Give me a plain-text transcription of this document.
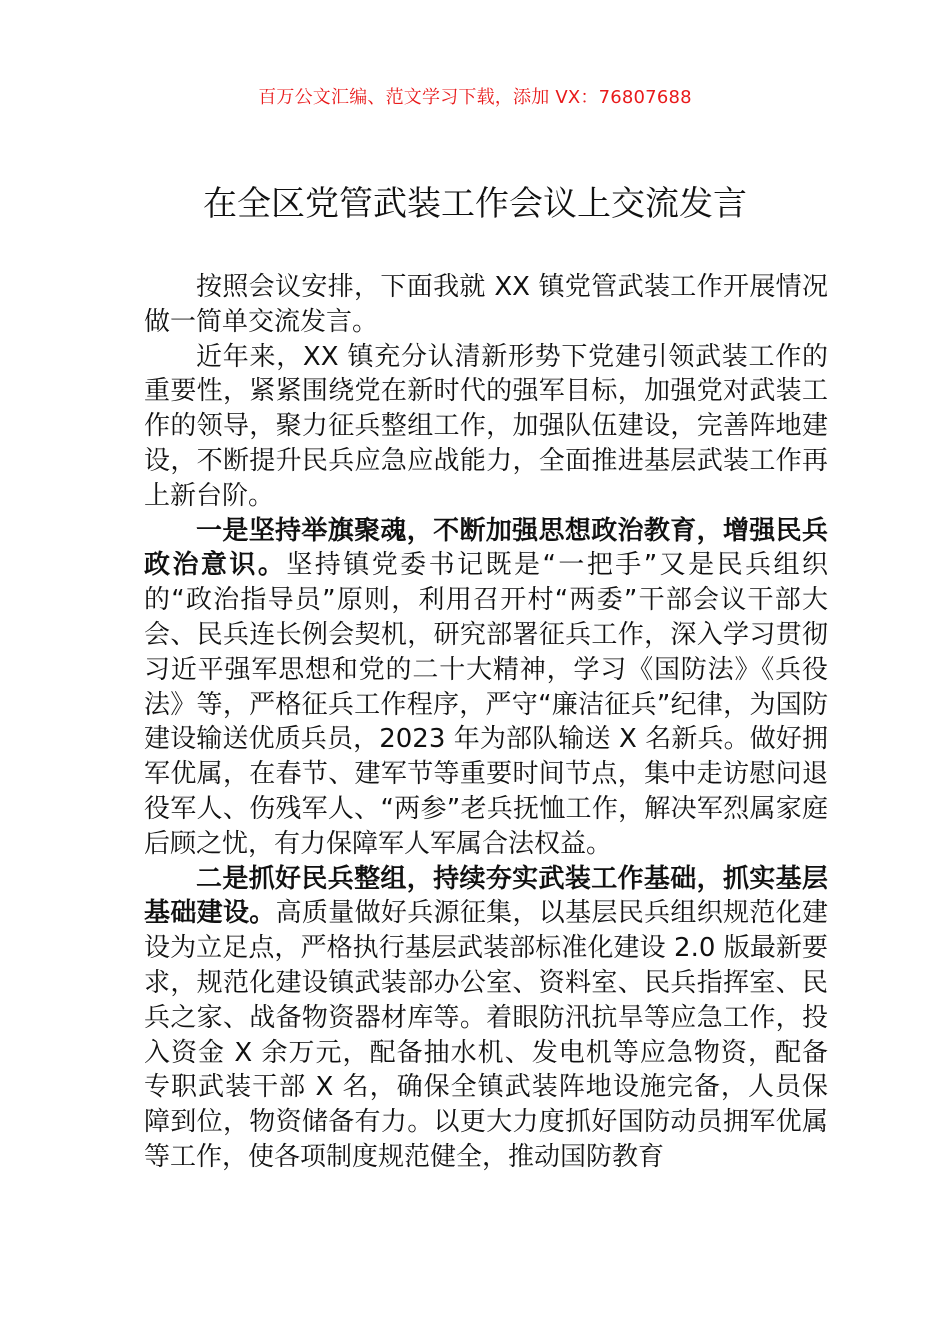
百万公文汇编、范文学习下载，添加 VX：76807688
在全区党管武装工作会议上交流发言

按照会议安排，下面我就 XX 镇党管武装工作开展情况做一简单交流发言。

近年来，XX 镇充分认清新形势下党建引领武装工作的重要性，紧紧围绕党在新时代的强军目标，加强党对武装工作的领导，聚力征兵整组工作，加强队伍建设，完善阵地建设，不断提升民兵应急应战能力，全面推进基层武装工作再上新台阶。

一是坚持举旗聚魂，不断加强思想政治教育，增强民兵政治意识。坚持镇党委书记既是“一把手”又是民兵组织的“政治指导员”原则，利用召开村“两委”干部会议干部大会、民兵连长例会契机，研究部署征兵工作，深入学习贯彻习近平强军思想和党的二十大精神，学习《国防法》《兵役法》等，严格征兵工作程序，严守“廉洁征兵”纪律，为国防建设输送优质兵员，2023 年为部队输送 X 名新兵。做好拥军优属，在春节、建军节等重要时间节点，集中走访慰问退役军人、伤残军人、“两参”老兵抚恤工作，解决军烈属家庭后顾之忧，有力保障军人军属合法权益。

二是抓好民兵整组，持续夯实武装工作基础，抓实基层基础建设。高质量做好兵源征集，以基层民兵组织规范化建设为立足点，严格执行基层武装部标准化建设 2.0 版最新要求，规范化建设镇武装部办公室、资料室、民兵指挥室、民兵之家、战备物资器材库等。着眼防汛抗旱等应急工作，投入资金 X 余万元，配备抽水机、发电机等应急物资，配备专职武装干部 X 名，确保全镇武装阵地设施完备，人员保障到位，物资储备有力。以更大力度抓好国防动员拥军优属等工作，使各项制度规范健全，推动国防教育
